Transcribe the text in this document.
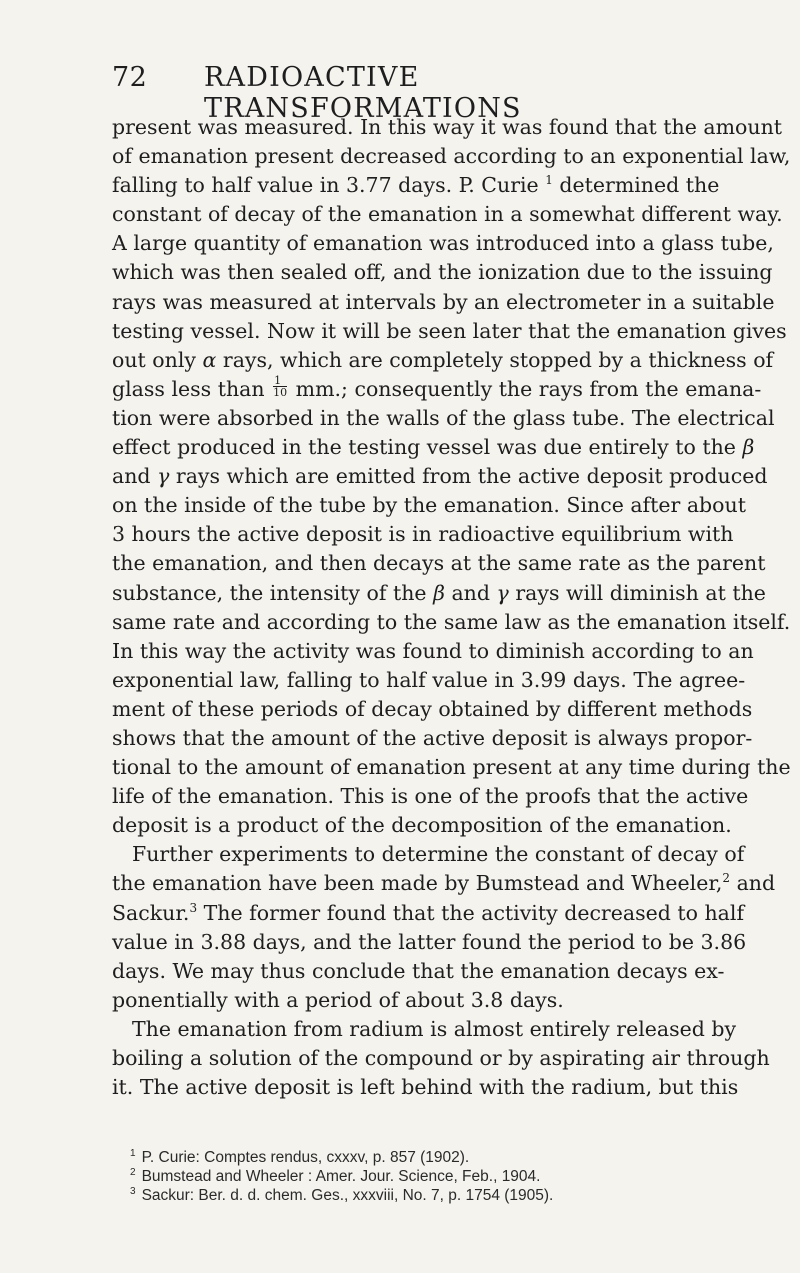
72 RADIOACTIVE TRANSFORMATIONS
present was measured. In this way it was found that the amount
of emanation present decreased according to an exponential law,
falling to half value in 3.77 days. P. Curie $^1$ determined the
constant of decay of the emanation in a somewhat different way.
A large quantity of emanation was introduced into a glass tube,
which was then sealed off, and the ionization due to the issuing
rays was measured at intervals by an electrometer in a suitable
testing vessel. Now it will be seen later that the emanation gives
out only α rays, which are completely stopped by a thickness of
glass less than $\frac{1}{10}$ mm.; consequently the rays from the emana-
tion were absorbed in the walls of the glass tube. The electrical
effect produced in the testing vessel was due entirely to the β
and γ rays which are emitted from the active deposit produced
on the inside of the tube by the emanation. Since after about
3 hours the active deposit is in radioactive equilibrium with
the emanation, and then decays at the same rate as the parent
substance, the intensity of the β and γ rays will diminish at the
same rate and according to the same law as the emanation itself.
In this way the activity was found to diminish according to an
exponential law, falling to half value in 3.99 days. The agree-
ment of these periods of decay obtained by different methods
shows that the amount of the active deposit is always propor-
tional to the amount of emanation present at any time during the
life of the emanation. This is one of the proofs that the active
deposit is a product of the decomposition of the emanation.
Further experiments to determine the constant of decay of
the emanation have been made by Bumstead and Wheeler,$^2$ and
Sackur.$^3$ The former found that the activity decreased to half
value in 3.88 days, and the latter found the period to be 3.86
days. We may thus conclude that the emanation decays ex-
ponentially with a period of about 3.8 days.
The emanation from radium is almost entirely released by
boiling a solution of the compound or by aspirating air through
it. The active deposit is left behind with the radium, but this
$^1$ P. Curie: Comptes rendus, cxxxv, p. 857 (1902).
$^2$ Bumstead and Wheeler : Amer. Jour. Science, Feb., 1904.
$^3$ Sackur: Ber. d. d. chem. Ges., xxxviii, No. 7, p. 1754 (1905).
